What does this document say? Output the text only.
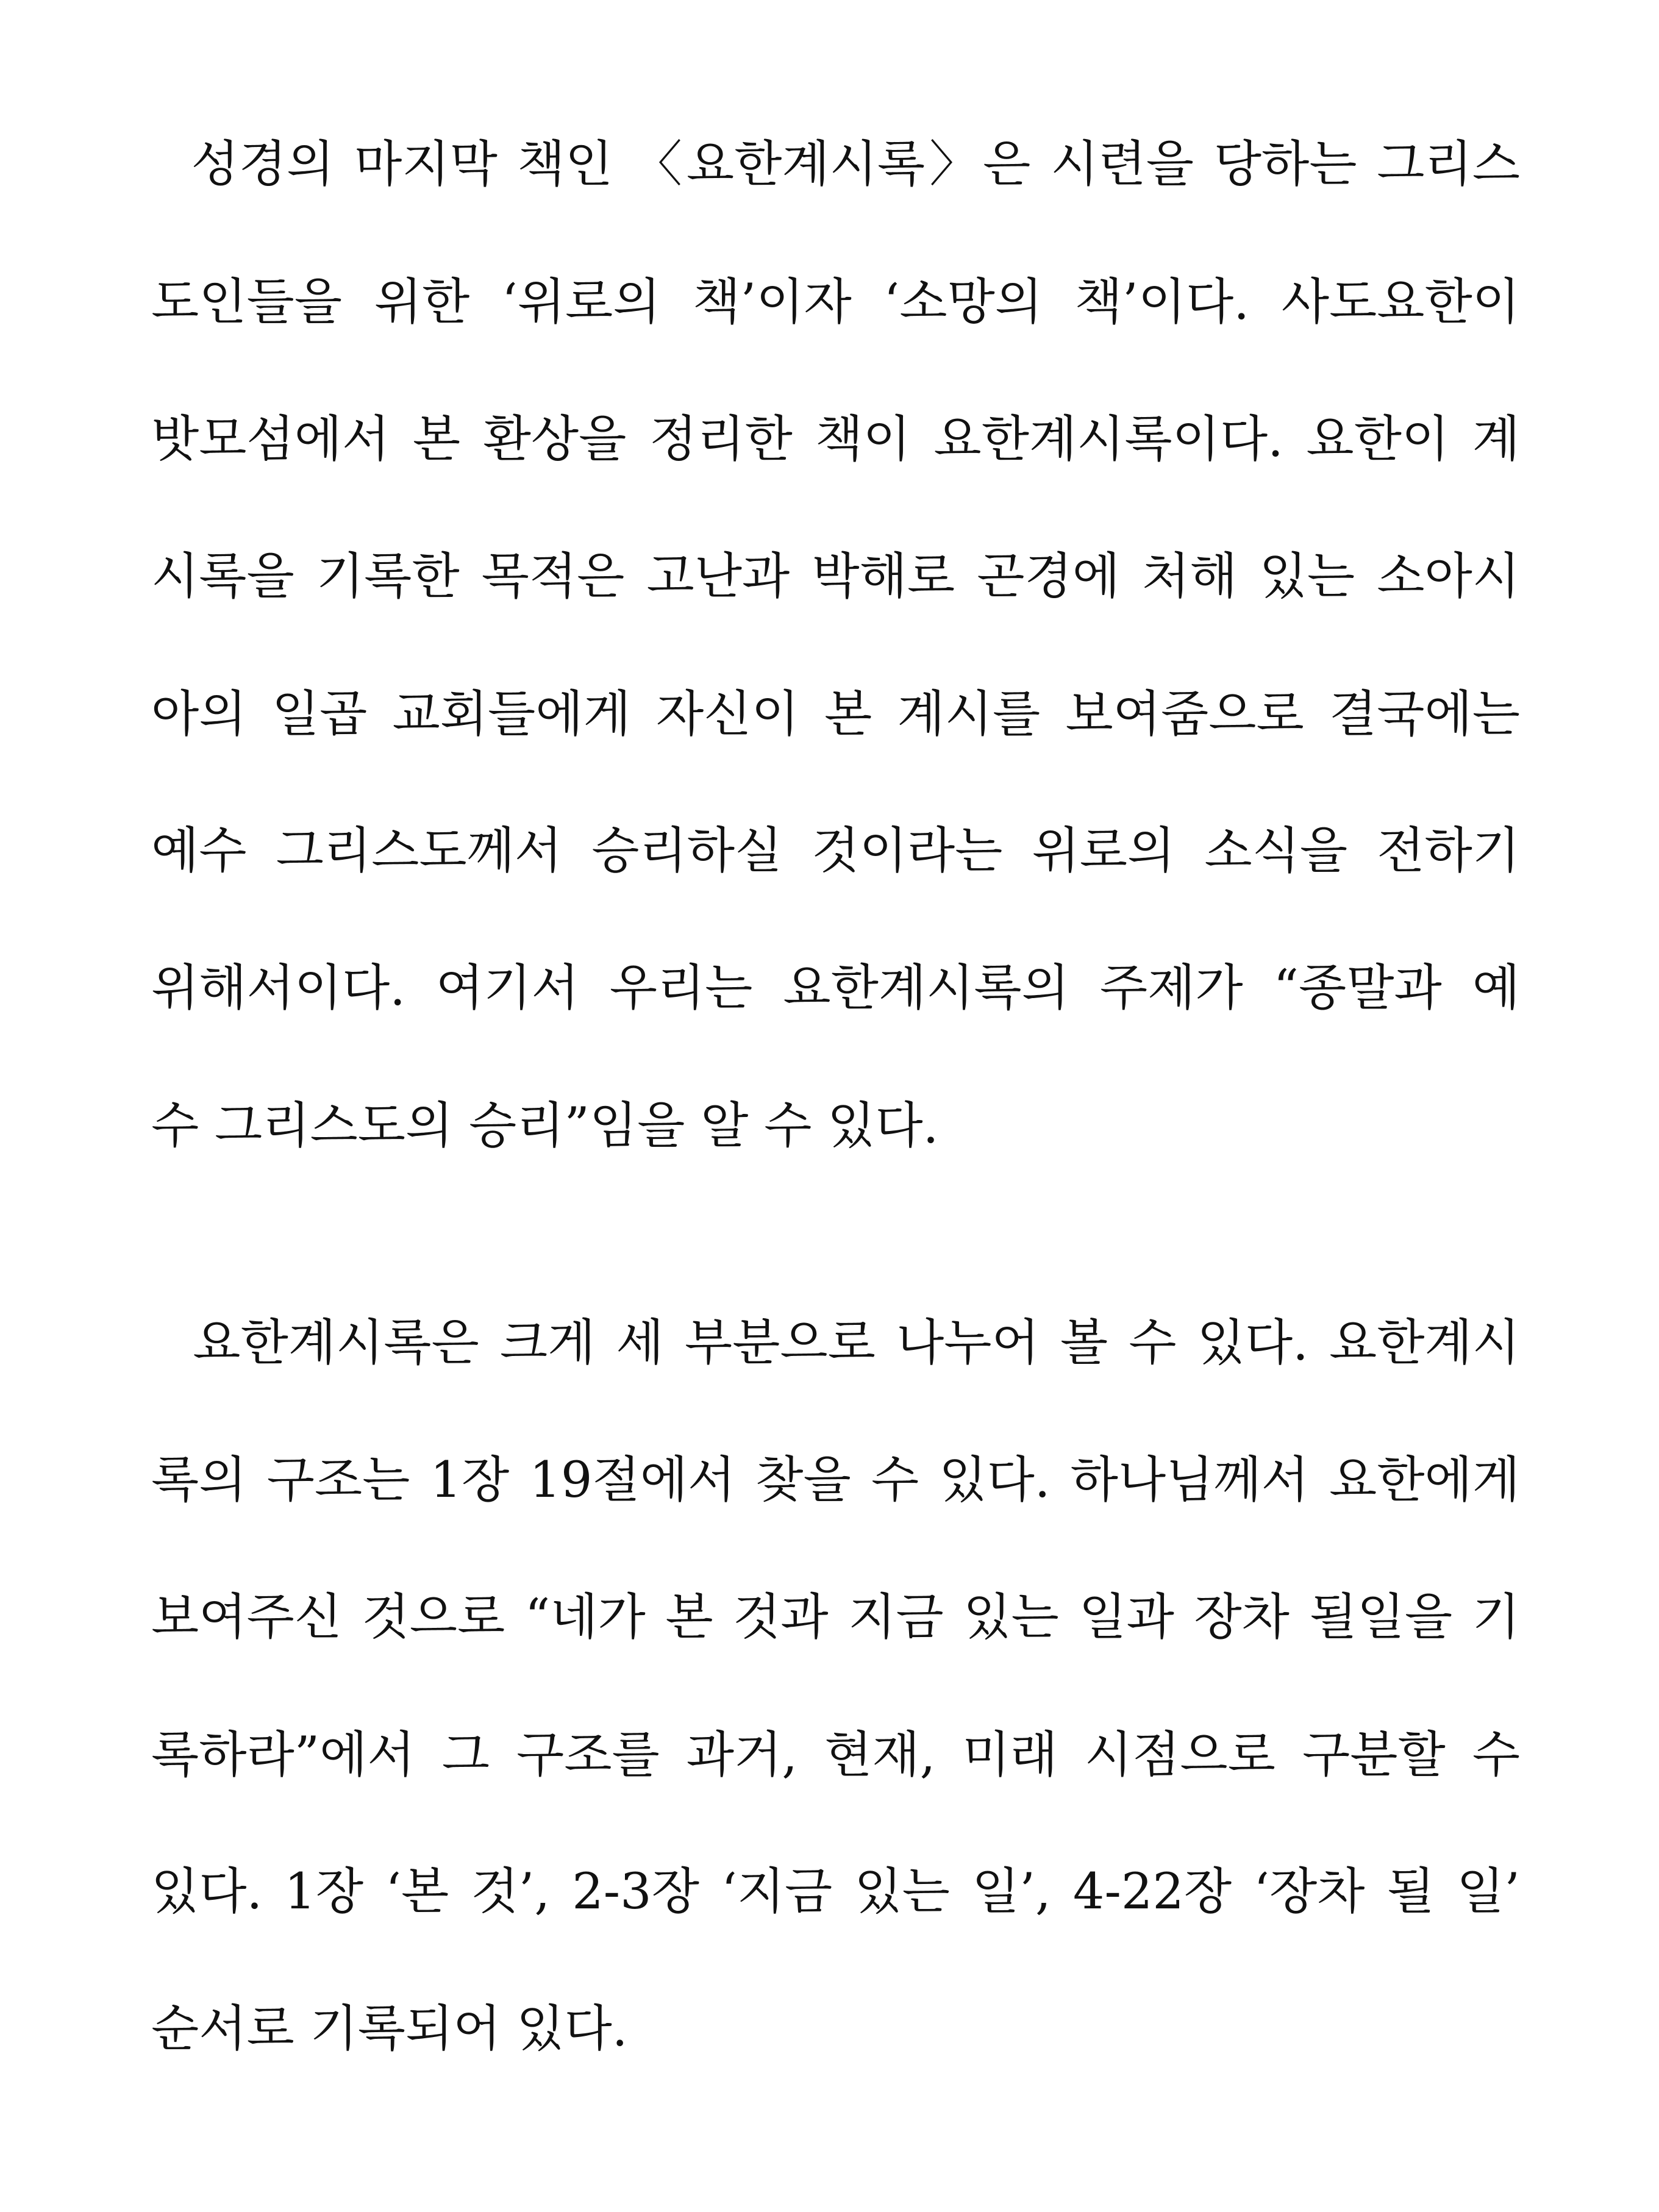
성경의 마지막 책인 〈요한계시록〉은 시련을 당하는 그리스
도인들을 위한 ‘위로의 책’이자 ‘소망의 책’이다. 사도요한이
밧모섬에서 본 환상을 정리한 책이 요한계시록이다. 요한이 계
시록을 기록한 목적은 고난과 박해로 곤경에 처해 있는 소아시
아의 일곱 교회들에게 자신이 본 계시를 보여줌으로 결국에는
예수 그리스도께서 승리하실 것이라는 위로의 소식을 전하기
위해서이다. 여기서 우리는 요한계시록의 주제가 “종말과 예
수 그리스도의 승리”임을 알 수 있다.
요한계시록은 크게 세 부분으로 나누어 볼 수 있다. 요한계시
록의 구조는 1장 19절에서 찾을 수 있다. 하나님께서 요한에게
보여주신 것으로 “네가 본 것과 지금 있는 일과 장차 될일을 기
록하라”에서 그 구조를 과거, 현재, 미래 시점으로 구분할 수
있다. 1장 ‘본 것’, 2-3장 ‘지금 있는 일’, 4-22장 ‘장차 될 일’
순서로 기록되어 있다.
